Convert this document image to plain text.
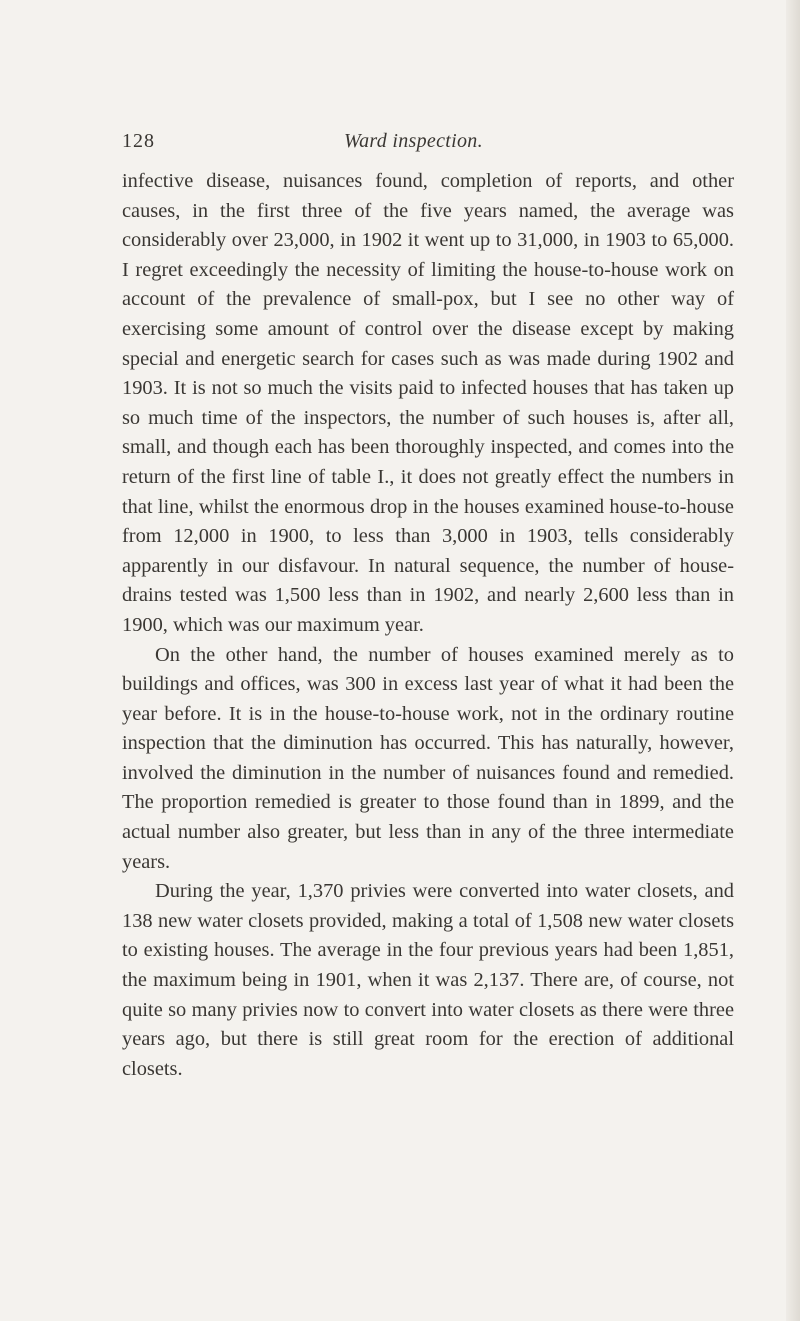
128	Ward inspection.

infective disease, nuisances found, completion of reports, and other causes, in the first three of the five years named, the average was considerably over 23,000, in 1902 it went up to 31,000, in 1903 to 65,000. I regret exceedingly the necessity of limiting the house-to-house work on account of the prevalence of small-pox, but I see no other way of exercising some amount of control over the disease except by making special and energetic search for cases such as was made during 1902 and 1903. It is not so much the visits paid to infected houses that has taken up so much time of the inspectors, the number of such houses is, after all, small, and though each has been thoroughly inspected, and comes into the return of the first line of table I., it does not greatly effect the numbers in that line, whilst the enormous drop in the houses examined house-to-house from 12,000 in 1900, to less than 3,000 in 1903, tells considerably apparently in our disfavour. In natural sequence, the number of house-drains tested was 1,500 less than in 1902, and nearly 2,600 less than in 1900, which was our maximum year.

On the other hand, the number of houses examined merely as to buildings and offices, was 300 in excess last year of what it had been the year before. It is in the house-to-house work, not in the ordinary routine inspection that the diminution has occurred. This has naturally, however, involved the diminution in the number of nuisances found and remedied. The proportion remedied is greater to those found than in 1899, and the actual number also greater, but less than in any of the three intermediate years.

During the year, 1,370 privies were converted into water closets, and 138 new water closets provided, making a total of 1,508 new water closets to existing houses. The average in the four previous years had been 1,851, the maximum being in 1901, when it was 2,137. There are, of course, not quite so many privies now to convert into water closets as there were three years ago, but there is still great room for the erection of additional closets.
